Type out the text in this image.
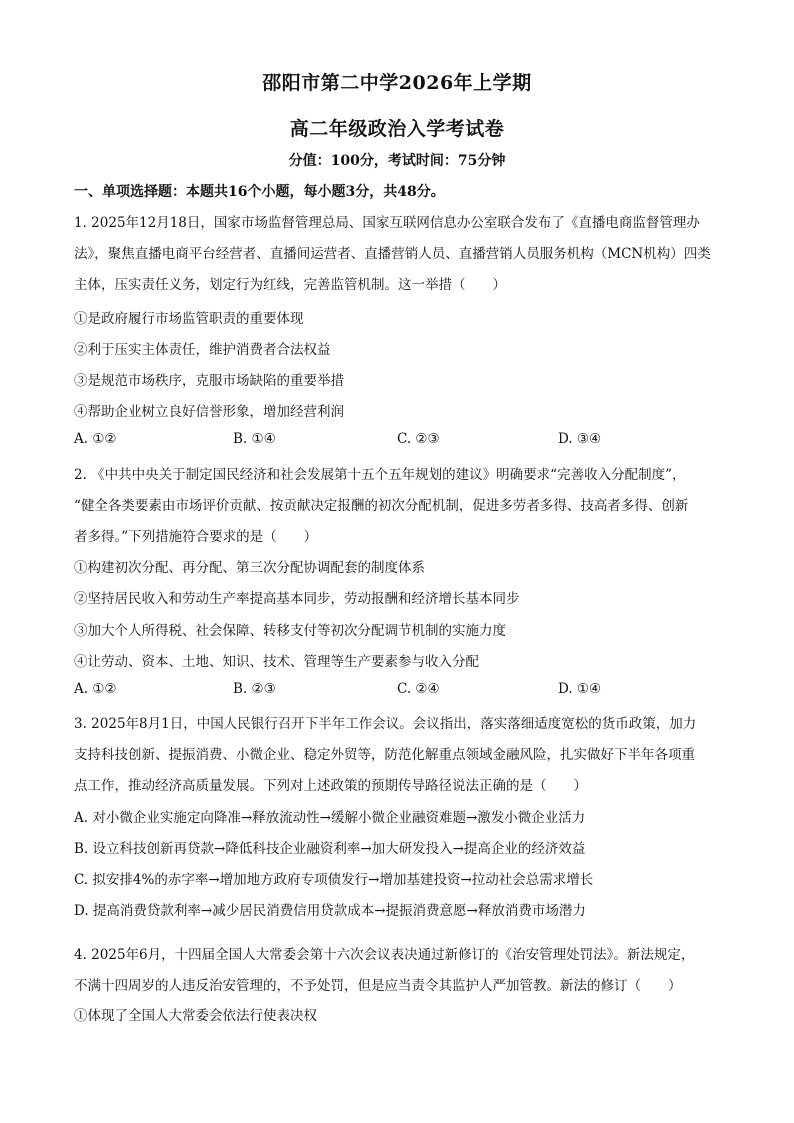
邵阳市第二中学2026年上学期
高二年级政治入学考试卷
分值：100分，考试时间：75分钟
一、单项选择题：本题共16个小题，每小题3分，共48分。
1. 2025年12月18日，国家市场监督管理总局、国家互联网信息办公室联合发布了《直播电商监督管理办
法》，聚焦直播电商平台经营者、直播间运营者、直播营销人员、直播营销人员服务机构（MCN机构）四类
主体，压实责任义务，划定行为红线，完善监管机制。这一举措（　　）
①是政府履行市场监管职责的重要体现
②利于压实主体责任，维护消费者合法权益
③是规范市场秩序，克服市场缺陷的重要举措
④帮助企业树立良好信誉形象，增加经营利润
A. ①②	B. ①④	C. ②③	D. ③④
2. 《中共中央关于制定国民经济和社会发展第十五个五年规划的建议》明确要求“完善收入分配制度”，
“健全各类要素由市场评价贡献、按贡献决定报酬的初次分配机制，促进多劳者多得、技高者多得、创新
者多得。”下列措施符合要求的是（　　）
①构建初次分配、再分配、第三次分配协调配套的制度体系
②坚持居民收入和劳动生产率提高基本同步，劳动报酬和经济增长基本同步
③加大个人所得税、社会保障、转移支付等初次分配调节机制的实施力度
④让劳动、资本、土地、知识、技术、管理等生产要素参与收入分配
A. ①②	B. ②③	C. ②④	D. ①④
3. 2025年8月1日，中国人民银行召开下半年工作会议。会议指出，落实落细适度宽松的货币政策，加力
支持科技创新、提振消费、小微企业、稳定外贸等，防范化解重点领域金融风险，扎实做好下半年各项重
点工作，推动经济高质量发展。下列对上述政策的预期传导路径说法正确的是（　　）
A. 对小微企业实施定向降准→释放流动性→缓解小微企业融资难题→激发小微企业活力
B. 设立科技创新再贷款→降低科技企业融资利率→加大研发投入→提高企业的经济效益
C. 拟安排4%的赤字率→增加地方政府专项债发行→增加基建投资→拉动社会总需求增长
D. 提高消费贷款利率→减少居民消费信用贷款成本→提振消费意愿→释放消费市场潜力
4. 2025年6月，十四届全国人大常委会第十六次会议表决通过新修订的《治安管理处罚法》。新法规定，
不满十四周岁的人违反治安管理的，不予处罚，但是应当责令其监护人严加管教。新法的修订（　　）
①体现了全国人大常委会依法行使表决权
